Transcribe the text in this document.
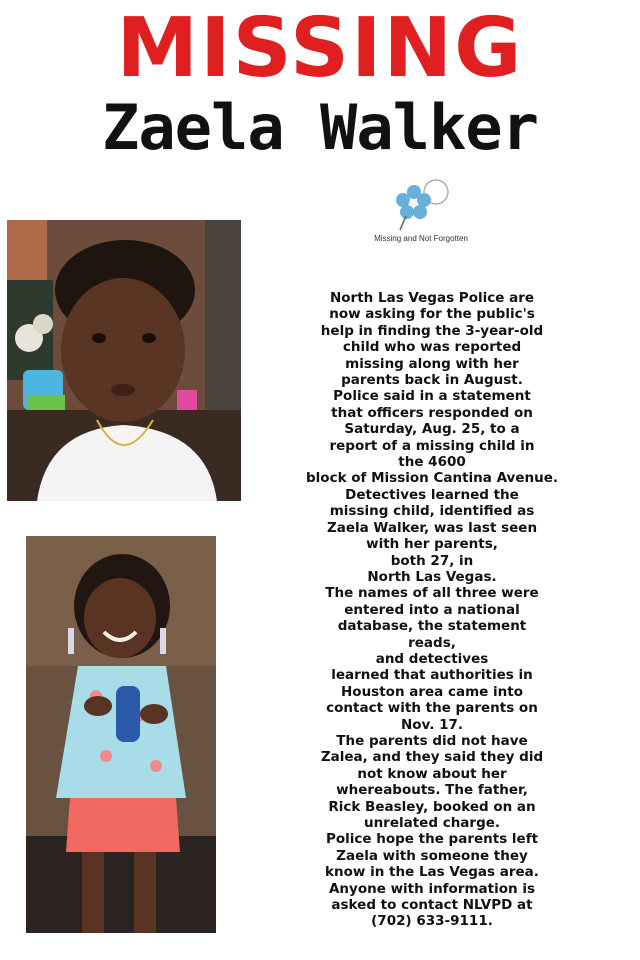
MISSING
Zaela Walker
Missing and Not Forgotten
North Las Vegas Police are
now asking for the public's
help in finding the 3-year-old
child who was reported
missing along with her
parents back in August.
Police said in a statement
that officers responded on
Saturday, Aug. 25, to a
report of a missing child in
the 4600
block of Mission Cantina Avenue.
Detectives learned the
missing child, identified as
Zaela Walker, was last seen
with her parents,
both 27, in
North Las Vegas.
The names of all three were
entered into a national
database, the statement
reads,
and detectives
learned that authorities in
Houston area came into
contact with the parents on
Nov. 17.
The parents did not have
Zalea, and they said they did
not know about her
whereabouts. The father,
Rick Beasley, booked on an
unrelated charge.
Police hope the parents left
Zaela with someone they
know in the Las Vegas area.
Anyone with information is
asked to contact NLVPD at
(702) 633-9111.
